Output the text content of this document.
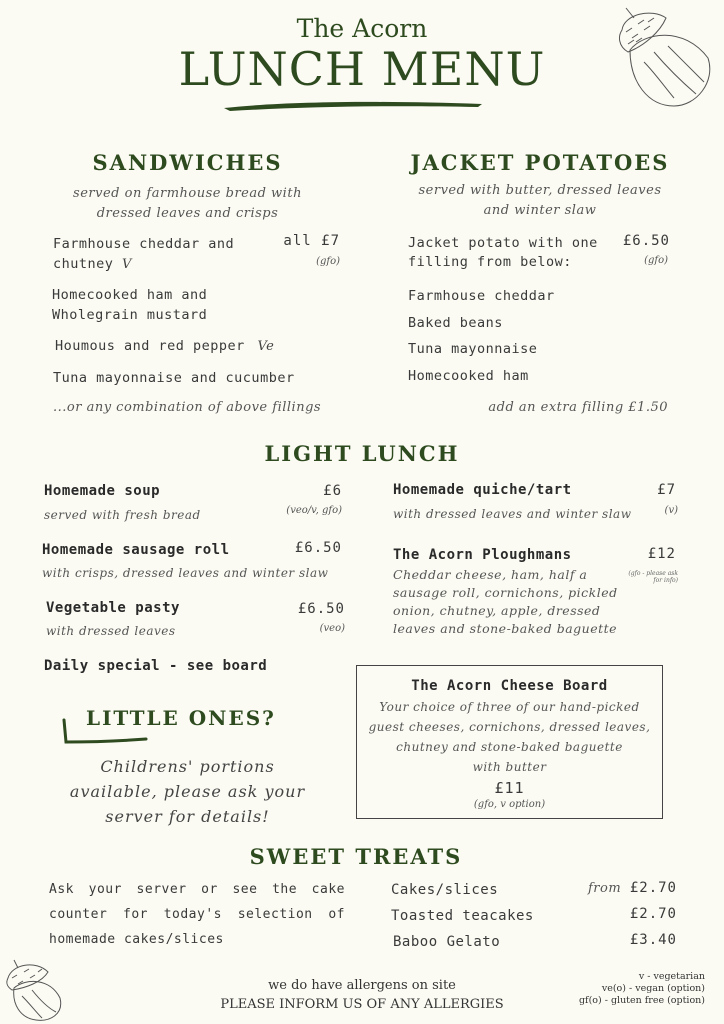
The Acorn
LUNCH MENU
SANDWICHES
served on farmhouse bread with
dressed leaves and crisps
Farmhouse cheddar and
chutney V
all £7
(gfo)
Homecooked ham and
Wholegrain mustard
Houmous and red pepper Ve
Tuna mayonnaise and cucumber
...or any combination of above fillings
JACKET POTATOES
served with butter, dressed leaves
and winter slaw
Jacket potato with one
filling from below:
£6.50
(gfo)
Farmhouse cheddar
Baked beans
Tuna mayonnaise
Homecooked ham
add an extra filling £1.50
LIGHT LUNCH
Homemade soup	£6
served with fresh bread	(veo/v, gfo)
Homemade sausage roll	£6.50
with crisps, dressed leaves and winter slaw
Vegetable pasty	£6.50
with dressed leaves	(veo)
Daily special - see board
Homemade quiche/tart	£7
with dressed leaves and winter slaw	(v)
The Acorn Ploughmans	£12
(gfo - please ask
for info)
Cheddar cheese, ham, half a
sausage roll, cornichons, pickled
onion, chutney, apple, dressed
leaves and stone-baked baguette
The Acorn Cheese Board
Your choice of three of our hand-picked
guest cheeses, cornichons, dressed leaves,
chutney and stone-baked baguette
with butter
£11
(gfo, v option)
LITTLE ONES?
Childrens' portions
available, please ask your
server for details!
SWEET TREATS
Ask your server or see the cake
counter for today's selection of
homemade cakes/slices
Cakes/slices	from £2.70
Toasted teacakes	£2.70
Baboo Gelato	£3.40
we do have allergens on site
PLEASE INFORM US OF ANY ALLERGIES
v - vegetarian
ve(o) - vegan (option)
gf(o) - gluten free (option)
